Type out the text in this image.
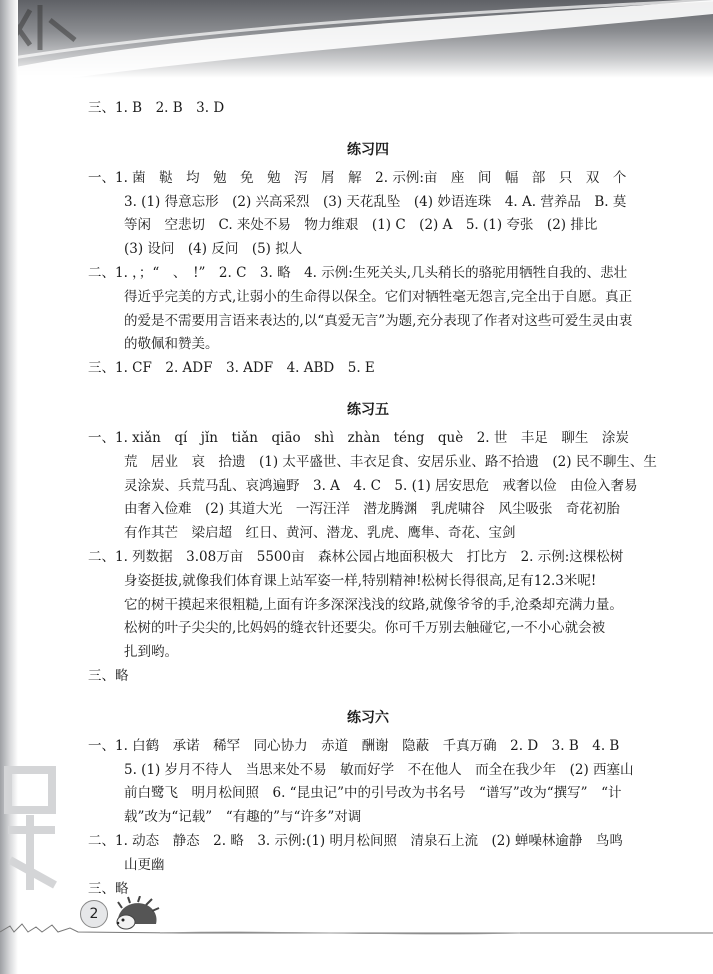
三、1. B　2. B　3. D
练习四
一、1. 菌　鞑　均　勉　免　勉　泻　屑　解　2. 示例:亩　座　间　幅　部　只　双　个
3. (1) 得意忘形　(2) 兴高采烈　(3) 天花乱坠　(4) 妙语连珠　4. A. 营养品　B. 莫
等闲　空悲切　C. 来处不易　物力维艰　(1) C　(2) A　5. (1) 夸张　(2) 排比
(3) 设问　(4) 反问　(5) 拟人
二、1. ，；“　、　!”　2. C　3. 略　4. 示例:生死关头,几头稍长的骆驼用牺牲自我的、悲壮
得近乎完美的方式,让弱小的生命得以保全。它们对牺牲毫无怨言,完全出于自愿。真正
的爱是不需要用言语来表达的,以“真爱无言”为题,充分表现了作者对这些可爱生灵由衷
的敬佩和赞美。
三、1. CF　2. ADF　3. ADF　4. ABD　5. E
练习五
一、1. xiǎn　qí　jǐn　tiǎn　qiāo　shì　zhàn　téng　què　2. 世　丰足　聊生　涂炭
荒　居业　哀　拾遗　(1) 太平盛世、丰衣足食、安居乐业、路不拾遗　(2) 民不聊生、生
灵涂炭、兵荒马乱、哀鸿遍野　3. A　4. C　5. (1) 居安思危　戒奢以俭　由俭入奢易
由奢入俭难　(2) 其道大光　一泻汪洋　潜龙腾渊　乳虎啸谷　风尘吸张　奇花初胎
有作其芒　梁启超　红日、黄河、潜龙、乳虎、鹰隼、奇花、宝剑
二、1. 列数据　3.08万亩　5500亩　森林公园占地面积极大　打比方　2. 示例:这棵松树
身姿挺拔,就像我们体育课上站军姿一样,特别精神!松树长得很高,足有12.3米呢!
它的树干摸起来很粗糙,上面有许多深深浅浅的纹路,就像爷爷的手,沧桑却充满力量。
松树的叶子尖尖的,比妈妈的缝衣针还要尖。你可千万别去触碰它,一不小心就会被
扎到哟。
三、略
练习六
一、1. 白鹤　承诺　稀罕　同心协力　赤道　酬谢　隐蔽　千真万确　2. D　3. B　4. B
5. (1) 岁月不待人　当思来处不易　敏而好学　不在他人　而全在我少年　(2) 西塞山
前白鹭飞　明月松间照　6. “昆虫记”中的引号改为书名号　“谱写”改为“撰写”　“计
载”改为“记载”　“有趣的”与“许多”对调
二、1. 动态　静态　2. 略　3. 示例:(1) 明月松间照　清泉石上流　(2) 蝉噪林逾静　鸟鸣
山更幽
三、略
2
